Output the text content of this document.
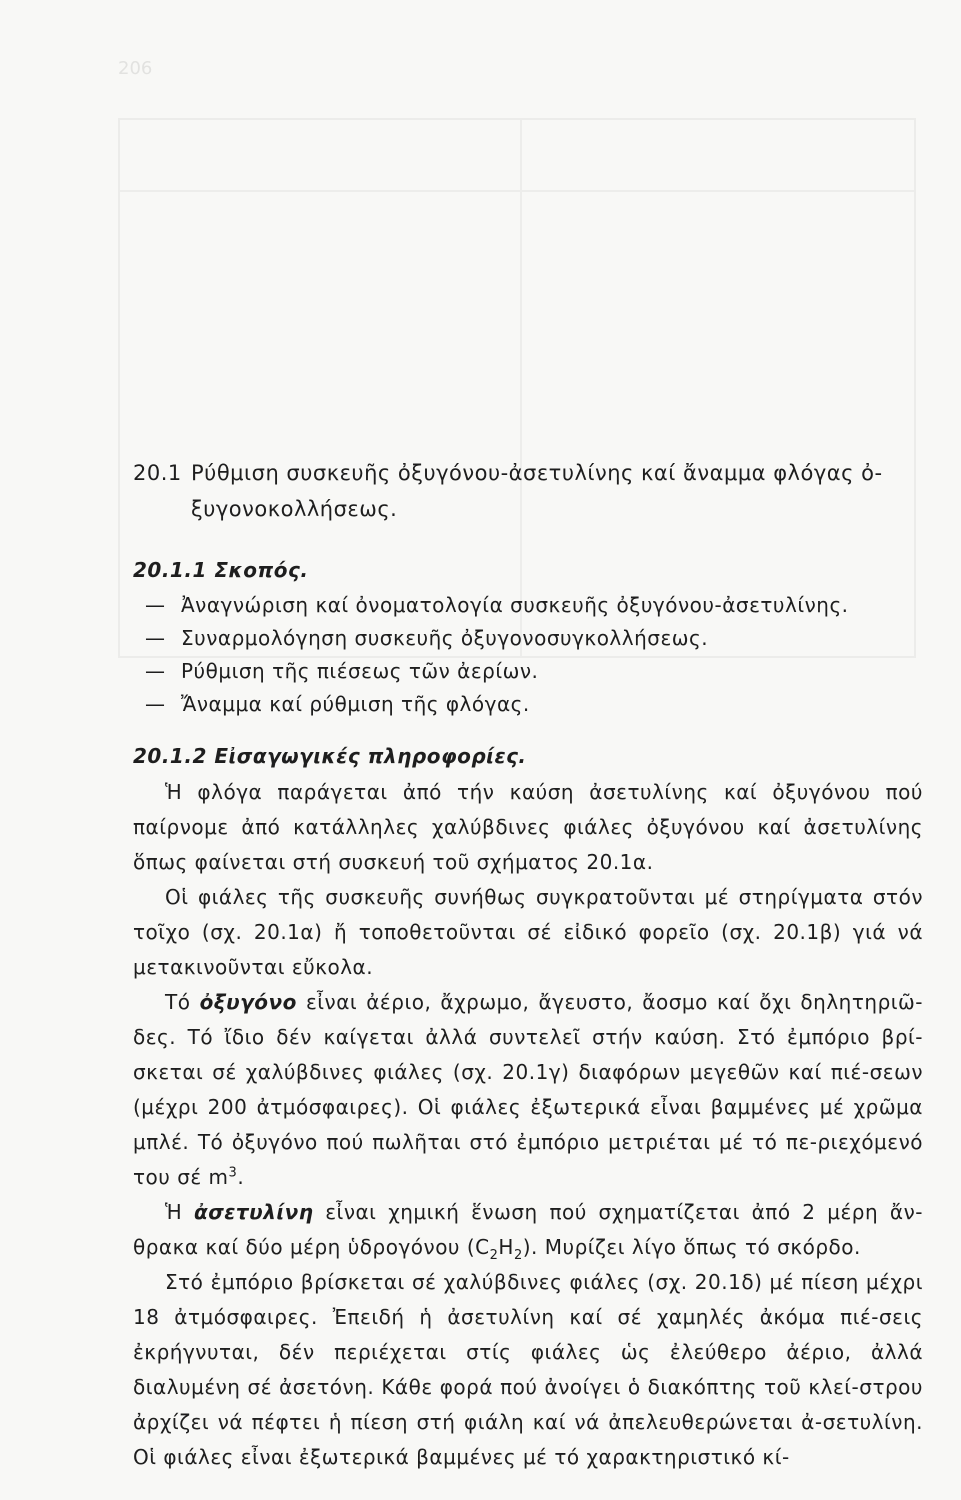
206
20.1 Ρύθμιση συσκευῆς ὀξυγόνου-ἀσετυλίνης καί ἄναμμα φλόγας ὀ-ξυγονοκολλήσεως.
20.1.1 Σκοπός.
— Ἀναγνώριση καί ὀνοματολογία συσκευῆς ὀξυγόνου-ἀσετυλίνης.
— Συναρμολόγηση συσκευῆς ὀξυγονοσυγκολλήσεως.
— Ρύθμιση τῆς πιέσεως τῶν ἀερίων.
— Ἄναμμα καί ρύθμιση τῆς φλόγας.
20.1.2 Εἰσαγωγικές πληροφορίες.

Ἡ φλόγα παράγεται ἀπό τήν καύση ἀσετυλίνης καί ὀξυγόνου πού παίρνομε ἀπό κατάλληλες χαλύβδινες φιάλες ὀξυγόνου καί ἀσετυλίνης ὅπως φαίνεται στή συσκευή τοῦ σχήματος 20.1α.

Οἱ φιάλες τῆς συσκευῆς συνήθως συγκρατοῦνται μέ στηρίγματα στόν τοῖχο (σχ. 20.1α) ἤ τοποθετοῦνται σέ εἰδικό φορεῖο (σχ. 20.1β) γιά νά μετακινοῦνται εὔκολα.

Τό ὀξυγόνο εἶναι ἀέριο, ἄχρωμο, ἄγευστο, ἄοσμο καί ὄχι δηλητηριῶ-δες. Τό ἴδιο δέν καίγεται ἀλλά συντελεῖ στήν καύση. Στό ἐμπόριο βρί-σκεται σέ χαλύβδινες φιάλες (σχ. 20.1γ) διαφόρων μεγεθῶν καί πιέ-σεων (μέχρι 200 ἀτμόσφαιρες). Οἱ φιάλες ἐξωτερικά εἶναι βαμμένες μέ χρῶμα μπλέ. Τό ὀξυγόνο πού πωλῆται στό ἐμπόριο μετριέται μέ τό πε-ριεχόμενό του σέ $m^3$.

Ἡ ἀσετυλίνη εἶναι χημική ἕνωση πού σχηματίζεται ἀπό 2 μέρη ἄν-θρακα καί δύο μέρη ὑδρογόνου $(C_2H_2)$. Μυρίζει λίγο ὅπως τό σκόρδο.

Στό ἐμπόριο βρίσκεται σέ χαλύβδινες φιάλες (σχ. 20.1δ) μέ πίεση μέχρι 18 ἀτμόσφαιρες. Ἐπειδή ἡ ἀσετυλίνη καί σέ χαμηλές ἀκόμα πιέ-σεις ἐκρήγνυται, δέν περιέχεται στίς φιάλες ὡς ἐλεύθερο ἀέριο, ἀλλά διαλυμένη σέ ἀσετόνη. Κάθε φορά πού ἀνοίγει ὁ διακόπτης τοῦ κλεί-στρου ἀρχίζει νά πέφτει ἡ πίεση στή φιάλη καί νά ἀπελευθερώνεται ἀ-σετυλίνη. Οἱ φιάλες εἶναι ἐξωτερικά βαμμένες μέ τό χαρακτηριστικό κί-
